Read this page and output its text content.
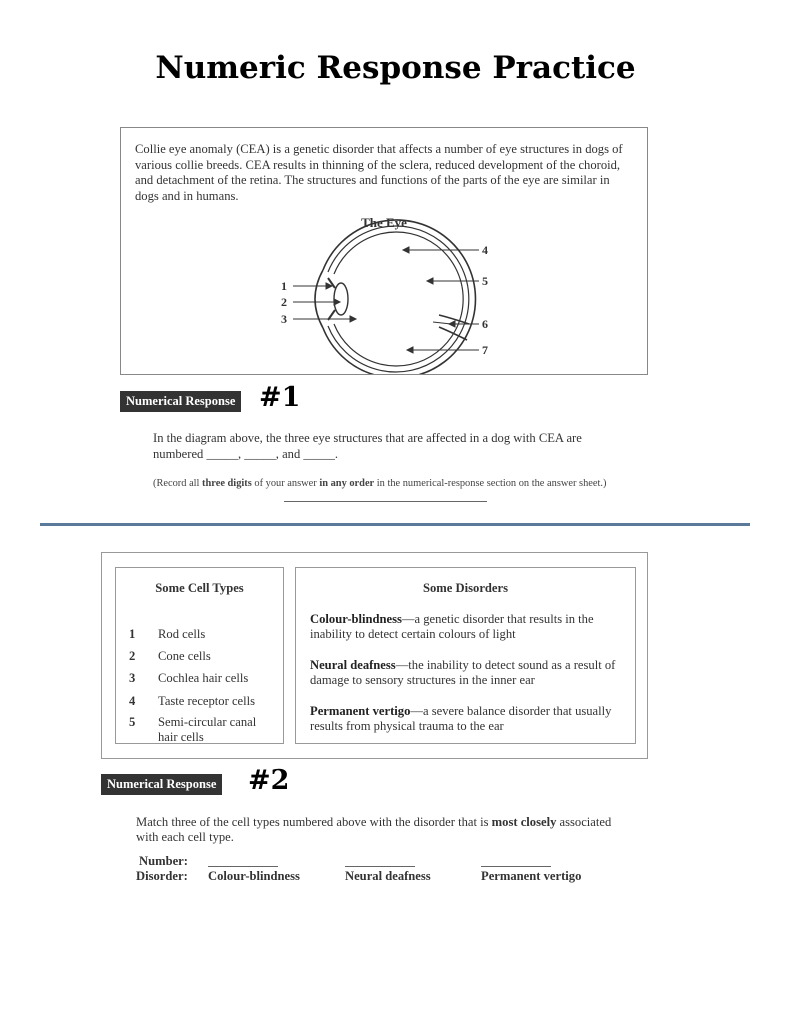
Numeric Response Practice
Collie eye anomaly (CEA) is a genetic disorder that affects a number of eye structures in dogs of various collie breeds. CEA results in thinning of the sclera, reduced development of the choroid, and detachment of the retina. The structures and functions of the parts of the eye are similar in dogs and in humans.
The Eye
1
2
3
4
5
6
7
Numerical Response #1
In the diagram above, the three eye structures that are affected in a dog with CEA are numbered _____, _____, and _____.
(Record all three digits of your answer in any order in the numerical-response section on the answer sheet.)
Some Cell Types
1 Rod cells
2 Cone cells
3 Cochlea hair cells
4 Taste receptor cells
5 Semi-circular canal hair cells
Some Disorders
Colour-blindness—a genetic disorder that results in the inability to detect certain colours of light
Neural deafness—the inability to detect sound as a result of damage to sensory structures in the inner ear
Permanent vertigo—a severe balance disorder that usually results from physical trauma to the ear
Numerical Response #2
Match three of the cell types numbered above with the disorder that is most closely associated with each cell type.
Number:
Disorder: Colour-blindness	Neural deafness	Permanent vertigo
